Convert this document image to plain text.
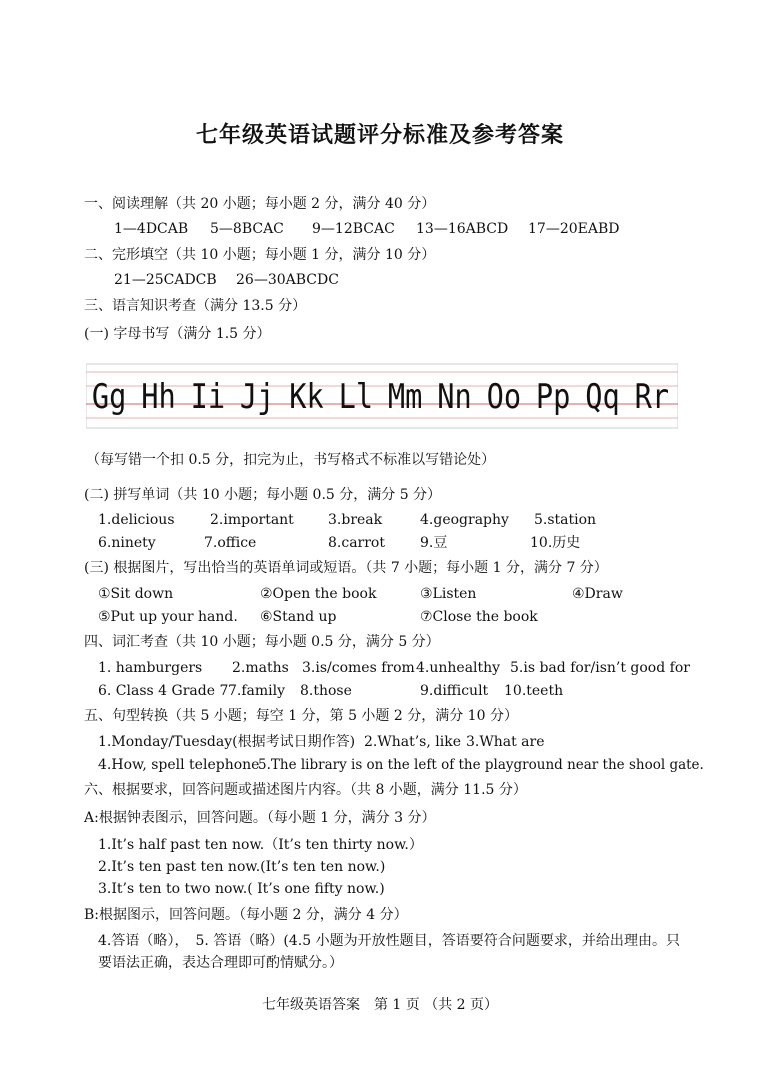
七年级英语试题评分标准及参考答案
一、阅读理解（共 20 小题；每小题 2 分，满分 40 分）
1—4DCAB 5—8BCAC 9—12BCAC 13—16ABCD 17—20EABD
二、完形填空（共 10 小题；每小题 1 分，满分 10 分）
21—25CADCB 26—30ABCDC
三、语言知识考查（满分 13.5 分）
(一) 字母书写（满分 1.5 分）
Gg Hh Ii Jj Kk Ll Mm Nn Oo Pp Qq Rr
（每写错一个扣 0.5 分，扣完为止，书写格式不标准以写错论处）
(二) 拼写单词（共 10 小题；每小题 0.5 分，满分 5 分）
1.delicious	2.important 3.break	4.geography 5.station
6.ninety	7.office	8.carrot	9.豆	10.历史
(三) 根据图片，写出恰当的英语单词或短语。（共 7 小题；每小题 1 分，满分 7 分）
①Sit down	②Open the book	③Listen	④Draw
⑤Put up your hand. ⑥Stand up	⑦Close the book
四、词汇考查（共 10 小题；每小题 0.5 分，满分 5 分）
1. hamburgers 2.maths 3.is/comes from 4.unhealthy 5.is bad for/isn’t good for
6. Class 4 Grade 7 7.family 8.those	9.difficult 10.teeth
五、句型转换（共 5 小题；每空 1 分，第 5 小题 2 分，满分 10 分）
1.Monday/Tuesday(根据考试日期作答) 2.What’s, like 3.What are
4.How, spell telephone
5.The library is on the left of the playground near the shool gate.
六、根据要求，回答问题或描述图片内容。（共 8 小题，满分 11.5 分）
A:根据钟表图示，回答问题。（每小题 1 分，满分 3 分）
1.It’s half past ten now.（It’s ten thirty now.）
2.It’s ten past ten now.(It’s ten ten now.)
3.It’s ten to two now.( It’s one fifty now.)
B:根据图示，回答问题。（每小题 2 分，满分 4 分）
4.答语（略），　5. 答语（略）(4.5 小题为开放性题目，答语要符合问题要求，并给出理由。只要语法正确，表达合理即可酌情赋分。）
七年级英语答案　第 1 页 （共 2 页）
